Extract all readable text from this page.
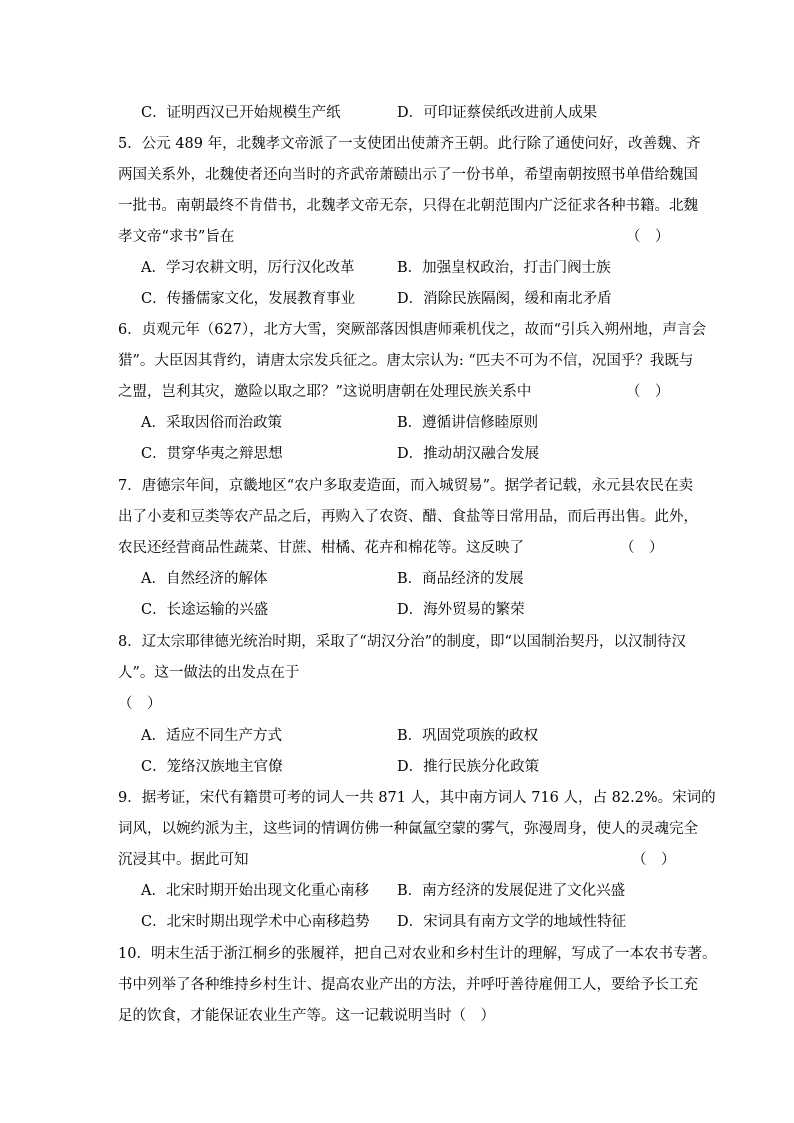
C．证明西汉已开始规模生产纸	D．可印证蔡侯纸改进前人成果
5．公元 489 年，北魏孝文帝派了一支使团出使萧齐王朝。此行除了通使问好，改善魏、齐
两国关系外，北魏使者还向当时的齐武帝萧赜出示了一份书单，希望南朝按照书单借给魏国
一批书。南朝最终不肯借书，北魏孝文帝无奈，只得在北朝范围内广泛征求各种书籍。北魏
孝文帝“求书”旨在	（　）
A．学习农耕文明，厉行汉化改革	B．加强皇权政治，打击门阀士族
C．传播儒家文化，发展教育事业	D．消除民族隔阂，缓和南北矛盾
6．贞观元年（627），北方大雪，突厥部落因惧唐师乘机伐之，故而“引兵入朔州地，声言会
猎”。大臣因其背约，请唐太宗发兵征之。唐太宗认为: “匹夫不可为不信，况国乎？我既与
之盟，岂利其灾，邀险以取之耶？”这说明唐朝在处理民族关系中	（　）
A．采取因俗而治政策	B．遵循讲信修睦原则
C．贯穿华夷之辩思想	D．推动胡汉融合发展
7．唐德宗年间，京畿地区“农户多取麦造面，而入城贸易”。据学者记载，永元县农民在卖
出了小麦和豆类等农产品之后，再购入了农资、醋、食盐等日常用品，而后再出售。此外，
农民还经营商品性蔬菜、甘蔗、柑橘、花卉和棉花等。这反映了	（　）
A．自然经济的解体	B．商品经济的发展
C．长途运输的兴盛	D．海外贸易的繁荣
8．辽太宗耶律德光统治时期，采取了“胡汉分治”的制度，即“以国制治契丹，以汉制待汉
人”。这一做法的出发点在于
（　）
A．适应不同生产方式	B．巩固党项族的政权
C．笼络汉族地主官僚	D．推行民族分化政策
9．据考证，宋代有籍贯可考的词人一共 871 人，其中南方词人 716 人，占 82.2%。宋词的
词风，以婉约派为主，这些词的情调仿佛一种氤氲空蒙的雾气，弥漫周身，使人的灵魂完全
沉浸其中。据此可知	（　）
A．北宋时期开始出现文化重心南移 B．南方经济的发展促进了文化兴盛
C．北宋时期出现学术中心南移趋势 D．宋词具有南方文学的地域性特征
10．明末生活于浙江桐乡的张履祥，把自己对农业和乡村生计的理解，写成了一本农书专著。
书中列举了各种维持乡村生计、提高农业产出的方法，并呼吁善待雇佣工人，要给予长工充
足的饮食，才能保证农业生产等。这一记载说明当时（　）
